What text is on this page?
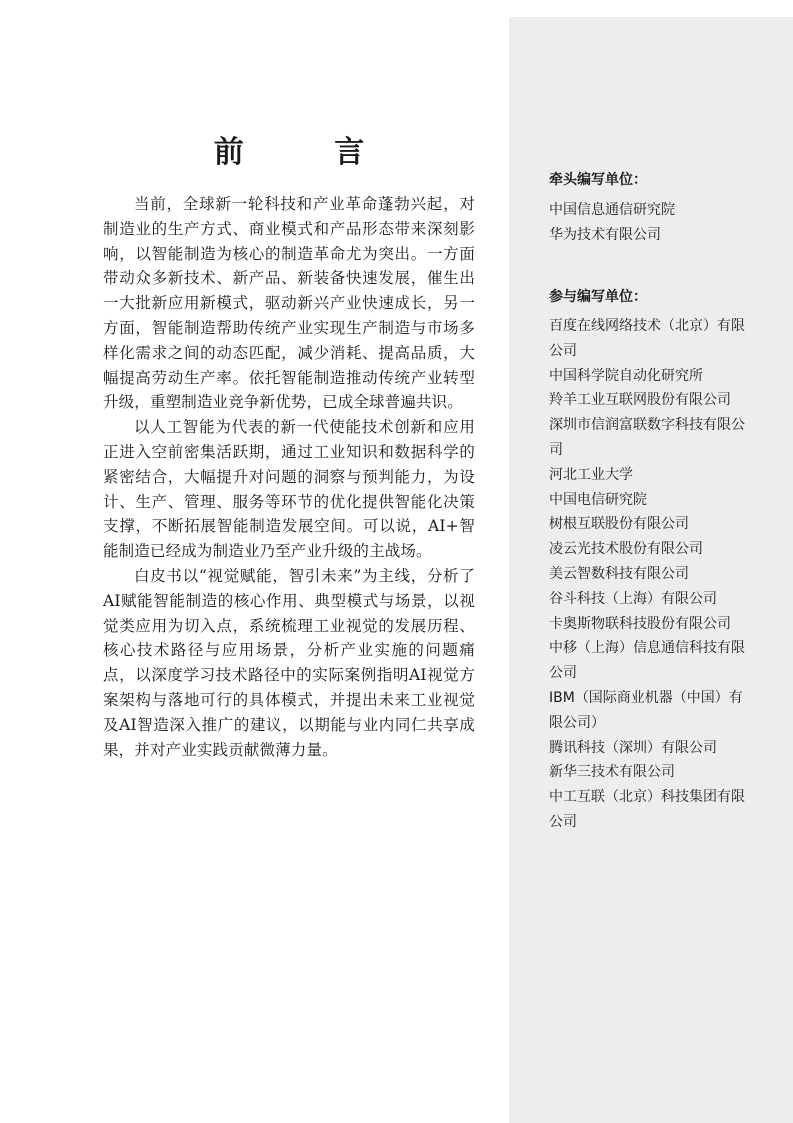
前 言

当前，全球新一轮科技和产业革命蓬勃兴起，对制造业的生产方式、商业模式和产品形态带来深刻影响，以智能制造为核心的制造革命尤为突出。一方面带动众多新技术、新产品、新装备快速发展，催生出一大批新应用新模式，驱动新兴产业快速成长，另一方面，智能制造帮助传统产业实现生产制造与市场多样化需求之间的动态匹配，减少消耗、提高品质，大幅提高劳动生产率。依托智能制造推动传统产业转型升级，重塑制造业竞争新优势，已成全球普遍共识。

以人工智能为代表的新一代使能技术创新和应用正进入空前密集活跃期，通过工业知识和数据科学的紧密结合，大幅提升对问题的洞察与预判能力，为设计、生产、管理、服务等环节的优化提供智能化决策支撑，不断拓展智能制造发展空间。可以说，AI+智能制造已经成为制造业乃至产业升级的主战场。

白皮书以“视觉赋能，智引未来”为主线，分析了AI赋能智能制造的核心作用、典型模式与场景，以视觉类应用为切入点，系统梳理工业视觉的发展历程、核心技术路径与应用场景，分析产业实施的问题痛点，以深度学习技术路径中的实际案例指明AI视觉方案架构与落地可行的具体模式，并提出未来工业视觉及AI智造深入推广的建议，以期能与业内同仁共享成果，并对产业实践贡献微薄力量。

牵头编写单位：
中国信息通信研究院
华为技术有限公司
参与编写单位：
百度在线网络技术（北京）有限公司
中国科学院自动化研究所
羚羊工业互联网股份有限公司
深圳市信润富联数字科技有限公司
河北工业大学
中国电信研究院
树根互联股份有限公司
凌云光技术股份有限公司
美云智数科技有限公司
谷斗科技（上海）有限公司
卡奥斯物联科技股份有限公司
中移（上海）信息通信科技有限公司
IBM（国际商业机器（中国）有限公司）
腾讯科技（深圳）有限公司
新华三技术有限公司
中工互联（北京）科技集团有限公司
